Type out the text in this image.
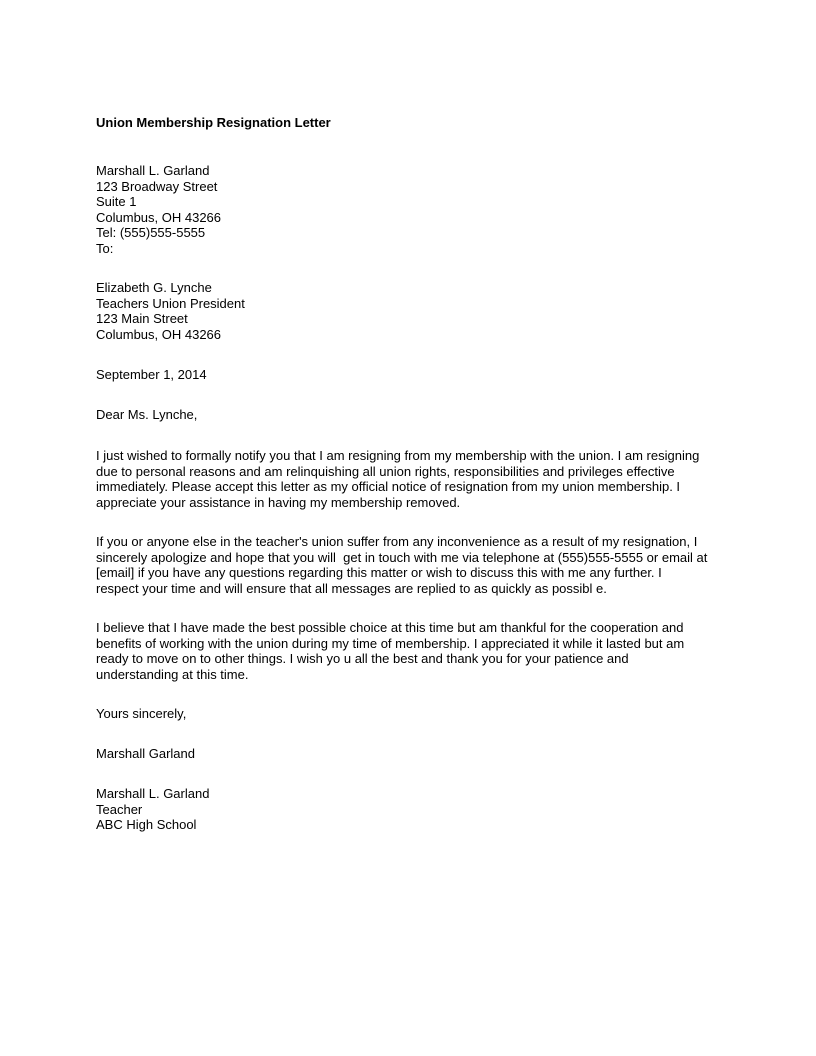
Union Membership Resignation Letter
Marshall L. Garland
123 Broadway Street
Suite 1
Columbus, OH 43266
Tel: (555)555-5555
To:
Elizabeth G. Lynche
Teachers Union President
123 Main Street
Columbus, OH 43266
September 1, 2014
Dear Ms. Lynche,
I just wished to formally notify you that I am resigning from my membership with the union. I am resigning
due to personal reasons and am relinquishing all union rights, responsibilities and privileges effective
immediately. Please accept this letter as my official notice of resignation from my union membership. I
appreciate your assistance in having my membership removed.
If you or anyone else in the teacher's union suffer from any inconvenience as a result of my resignation, I
sincerely apologize and hope that you will  get in touch with me via telephone at (555)555-5555 or email at
[email] if you have any questions regarding this matter or wish to discuss this with me any further. I
respect your time and will ensure that all messages are replied to as quickly as possibl e.
I believe that I have made the best possible choice at this time but am thankful for the cooperation and
benefits of working with the union during my time of membership. I appreciated it while it lasted but am
ready to move on to other things. I wish yo u all the best and thank you for your patience and
understanding at this time.
Yours sincerely,
Marshall Garland
Marshall L. Garland
Teacher
ABC High School
